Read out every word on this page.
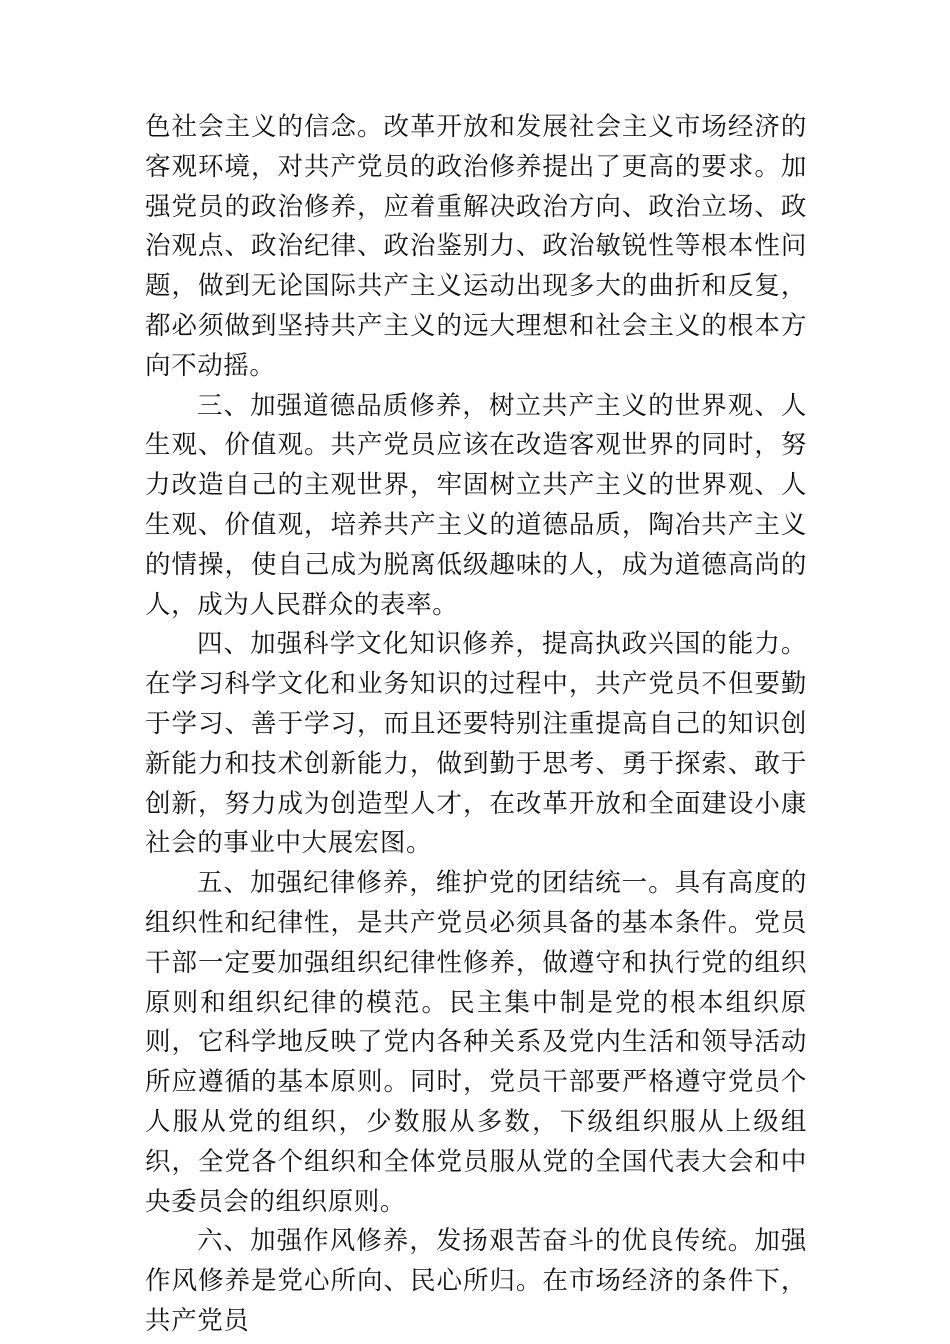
色社会主义的信念。改革开放和发展社会主义市场经济的客观环境，对共产党员的政治修养提出了更高的要求。加强党员的政治修养，应着重解决政治方向、政治立场、政治观点、政治纪律、政治鉴别力、政治敏锐性等根本性问题，做到无论国际共产主义运动出现多大的曲折和反复，都必须做到坚持共产主义的远大理想和社会主义的根本方向不动摇。

三、加强道德品质修养，树立共产主义的世界观、人生观、价值观。共产党员应该在改造客观世界的同时，努力改造自己的主观世界，牢固树立共产主义的世界观、人生观、价值观，培养共产主义的道德品质，陶冶共产主义的情操，使自己成为脱离低级趣味的人，成为道德高尚的人，成为人民群众的表率。

四、加强科学文化知识修养，提高执政兴国的能力。在学习科学文化和业务知识的过程中，共产党员不但要勤于学习、善于学习，而且还要特别注重提高自己的知识创新能力和技术创新能力，做到勤于思考、勇于探索、敢于创新，努力成为创造型人才，在改革开放和全面建设小康社会的事业中大展宏图。

五、加强纪律修养，维护党的团结统一。具有高度的组织性和纪律性，是共产党员必须具备的基本条件。党员干部一定要加强组织纪律性修养，做遵守和执行党的组织原则和组织纪律的模范。民主集中制是党的根本组织原则，它科学地反映了党内各种关系及党内生活和领导活动所应遵循的基本原则。同时，党员干部要严格遵守党员个人服从党的组织，少数服从多数，下级组织服从上级组织，全党各个组织和全体党员服从党的全国代表大会和中央委员会的组织原则。

六、加强作风修养，发扬艰苦奋斗的优良传统。加强作风修养是党心所向、民心所归。在市场经济的条件下，共产党员
